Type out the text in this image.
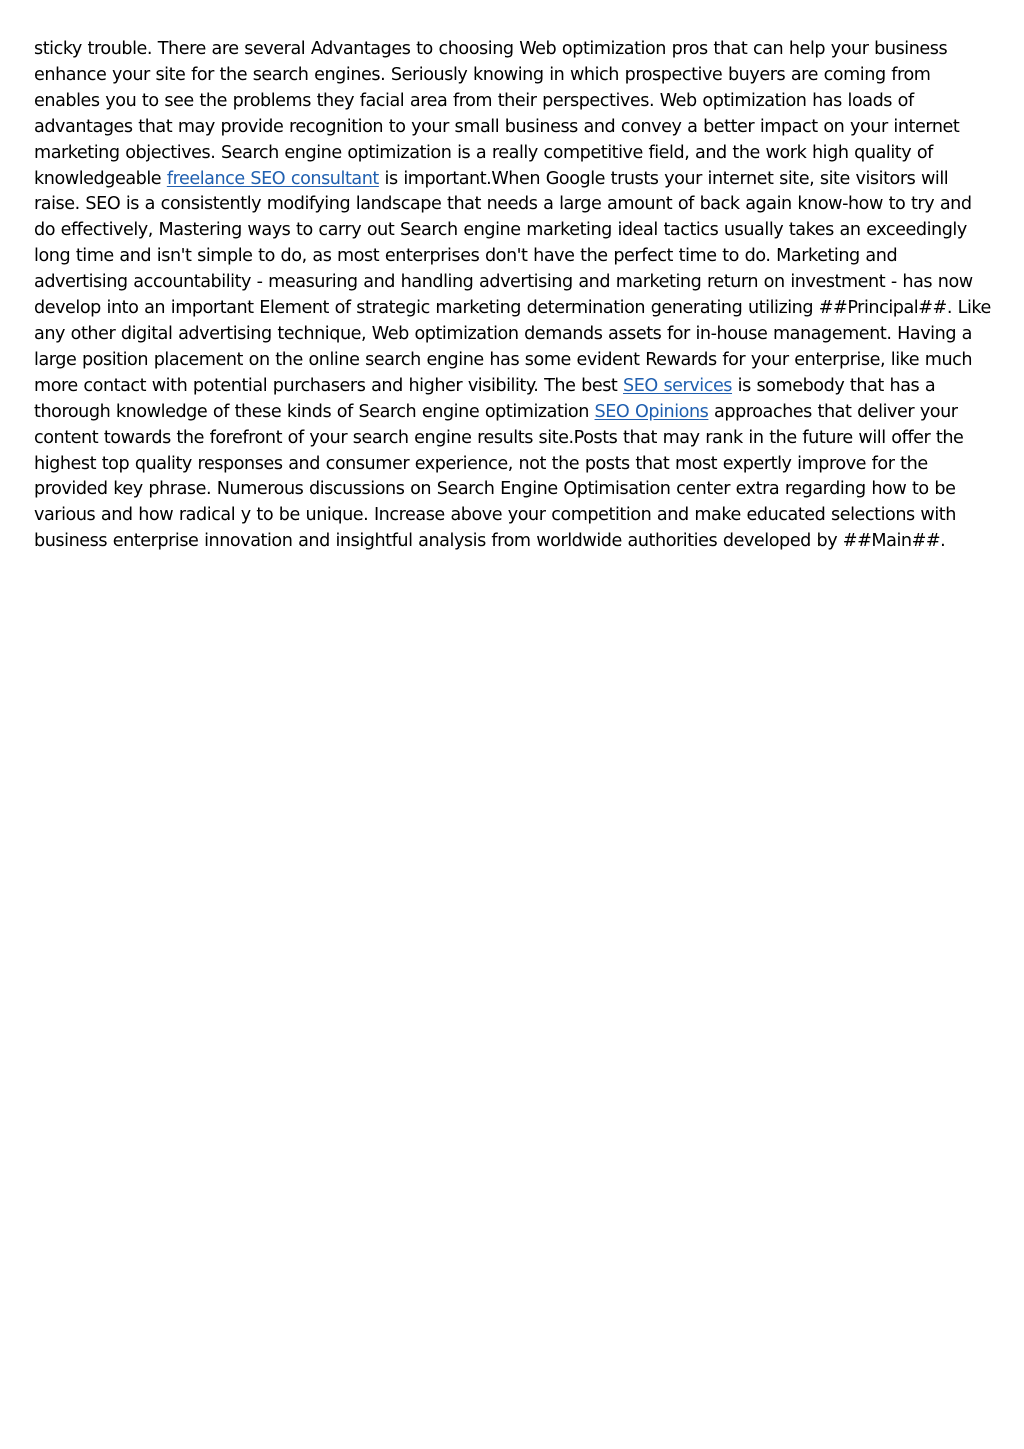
sticky trouble. There are several Advantages to choosing Web optimization pros that can help your business enhance your site for the search engines. Seriously knowing in which prospective buyers are coming from enables you to see the problems they facial area from their perspectives. Web optimization has loads of advantages that may provide recognition to your small business and convey a better impact on your internet marketing objectives. Search engine optimization is a really competitive field, and the work high quality of knowledgeable freelance SEO consultant is important.When Google trusts your internet site, site visitors will raise. SEO is a consistently modifying landscape that needs a large amount of back again know-how to try and do effectively, Mastering ways to carry out Search engine marketing ideal tactics usually takes an exceedingly long time and isn't simple to do, as most enterprises don't have the perfect time to do. Marketing and advertising accountability - measuring and handling advertising and marketing return on investment - has now develop into an important Element of strategic marketing determination generating utilizing ##Principal##. Like any other digital advertising technique, Web optimization demands assets for in-house management. Having a large position placement on the online search engine has some evident Rewards for your enterprise, like much more contact with potential purchasers and higher visibility. The best SEO services is somebody that has a thorough knowledge of these kinds of Search engine optimization SEO Opinions approaches that deliver your content towards the forefront of your search engine results site.Posts that may rank in the future will offer the highest top quality responses and consumer experience, not the posts that most expertly improve for the provided key phrase. Numerous discussions on Search Engine Optimisation center extra regarding how to be various and how radical y to be unique. Increase above your competition and make educated selections with business enterprise innovation and insightful analysis from worldwide authorities developed by ##Main##.
